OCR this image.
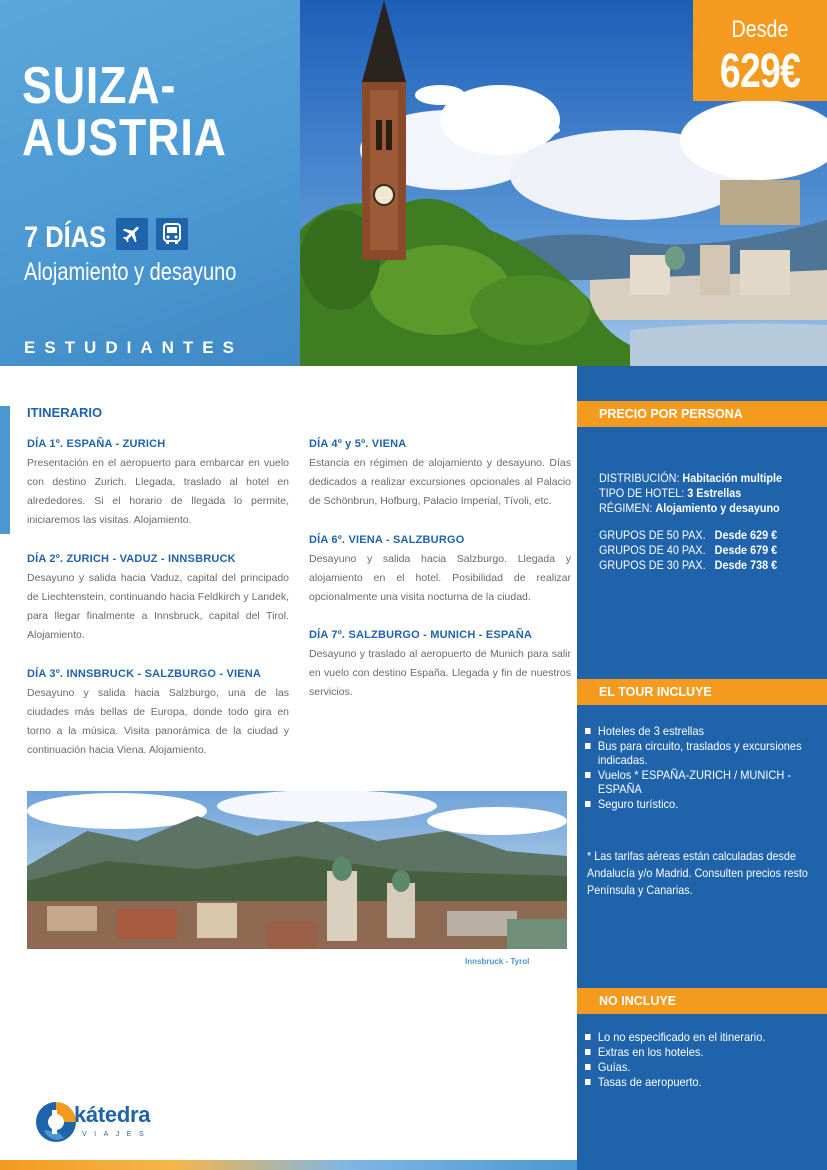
SUIZA-
AUSTRIA
7 DÍAS
Alojamiento y desayuno
ESTUDIANTES
Desde
629€
ITINERARIO
DÍA 1º. ESPAÑA - ZURICH

Presentación en el aeropuerto para embarcar en vuelo con destino Zurich. Llegada, traslado al hotel en alrededores. Si el horario de llegada lo permite, iniciaremos las visitas. Alojamiento.

DÍA 2º. ZURICH - VADUZ - INNSBRUCK

Desayuno y salida hacia Vaduz, capital del principado de Liechtenstein, continuando hacia Feldkirch y Landek, para llegar finalmente a Innsbruck, capital del Tirol. Alojamiento.

DÍA 3º. INNSBRUCK - SALZBURGO - VIENA

Desayuno y salida hacia Salzburgo, una de las ciudades más bellas de Europa, donde todo gira en torno a la música. Visita panorámica de la ciudad y continuación hacia Viena. Alojamiento.

DÍA 4º y 5º. VIENA

Estancia en régimen de alojamiento y desayuno. Días dedicados a realizar excursiones opcionales al Palacio de Schönbrun, Hofburg, Palacio Imperial, Tívoli, etc.

DÍA 6º. VIENA - SALZBURGO

Desayuno y salida hacia Salzburgo. Llegada y alojamiento en el hotel. Posibilidad de realizar opcionalmente una visita nocturna de la ciudad.

DÍA 7º. SALZBURGO - MUNICH - ESPAÑA

Desayuno y traslado al aeropuerto de Munich para salir en vuelo con destino España. Llegada y fin de nuestros servicios.

Innsbruck - Tyrol
PRECIO POR PERSONA
DISTRIBUCIÓN: Habitación multiple
TIPO DE HOTEL: 3 Estrellas
RÉGIMEN: Alojamiento y desayuno
GRUPOS DE 50 PAX. Desde 629 €
GRUPOS DE 40 PAX. Desde 679 €
GRUPOS DE 30 PAX. Desde 738 €
EL TOUR INCLUYE
Hoteles de 3 estrellas
Bus para circuito, traslados y excursiones indicadas.
Vuelos * ESPAÑA-ZURICH / MUNICH - ESPAÑA
Seguro turístico.
* Las tarifas aéreas están calculadas desde Andalucía y/o Madrid. Consulten precios resto Península y Canarias.
NO INCLUYE
Lo no especificado en el itinerario.
Extras en los hoteles.
Guías.
Tasas de aeropuerto.
kátedra
VIAJES
